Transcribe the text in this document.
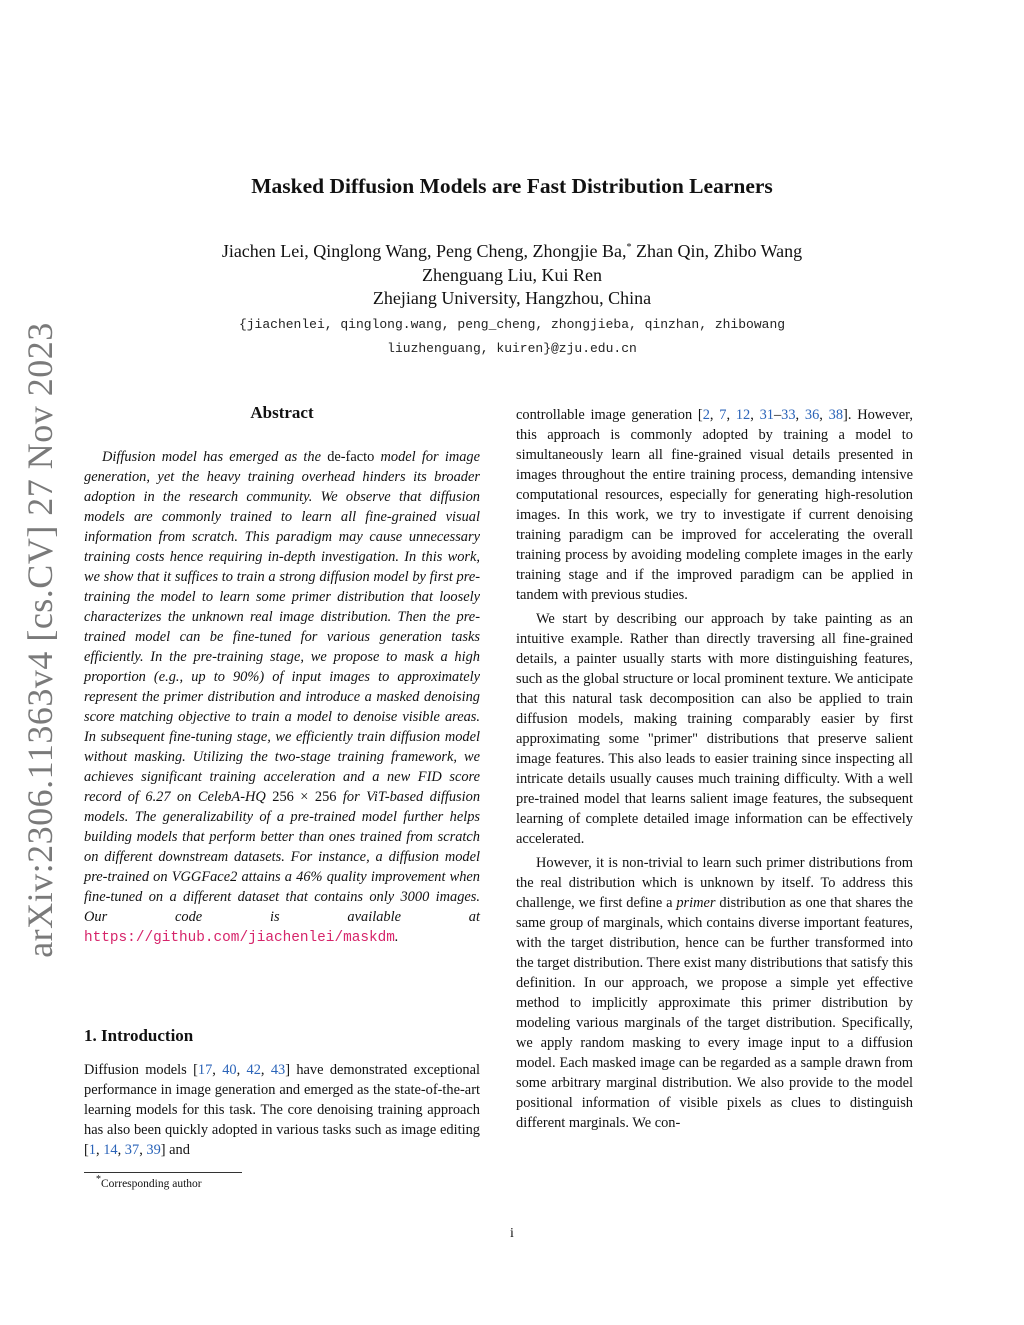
arXiv:2306.11363v4 [cs.CV] 27 Nov 2023
Masked Diffusion Models are Fast Distribution Learners
Jiachen Lei, Qinglong Wang, Peng Cheng, Zhongjie Ba,* Zhan Qin, Zhibo Wang
Zhenguang Liu, Kui Ren
Zhejiang University, Hangzhou, China
{jiachenlei, qinglong.wang, peng_cheng, zhongjieba, qinzhan, zhibowang
liuzhenguang, kuiren}@zju.edu.cn
Abstract
Diffusion model has emerged as the de-facto model for image generation, yet the heavy training overhead hinders its broader adoption in the research community. We observe that diffusion models are commonly trained to learn all fine-grained visual information from scratch. This paradigm may cause unnecessary training costs hence requiring in-depth investigation. In this work, we show that it suffices to train a strong diffusion model by first pre-training the model to learn some primer distribution that loosely characterizes the unknown real image distribution. Then the pre-trained model can be fine-tuned for various generation tasks efficiently. In the pre-training stage, we propose to mask a high proportion (e.g., up to 90%) of input images to approximately represent the primer distribution and introduce a masked denoising score matching objective to train a model to denoise visible areas. In subsequent fine-tuning stage, we efficiently train diffusion model without masking. Utilizing the two-stage training framework, we achieves significant training acceleration and a new FID score record of 6.27 on CelebA-HQ 256 × 256 for ViT-based diffusion models. The generalizability of a pre-trained model further helps building models that perform better than ones trained from scratch on different downstream datasets. For instance, a diffusion model pre-trained on VGGFace2 attains a 46% quality improvement when fine-tuned on a different dataset that contains only 3000 images. Our code is available at https://github.com/jiachenlei/maskdm.
1. Introduction
Diffusion models [17, 40, 42, 43] have demonstrated exceptional performance in image generation and emerged as the state-of-the-art learning models for this task. The core denoising training approach has also been quickly adopted in various tasks such as image editing [1, 14, 37, 39] and

controllable image generation [2, 7, 12, 31–33, 36, 38]. However, this approach is commonly adopted by training a model to simultaneously learn all fine-grained visual details presented in images throughout the entire training process, demanding intensive computational resources, especially for generating high-resolution images. In this work, we try to investigate if current denoising training paradigm can be improved for accelerating the overall training process by avoiding modeling complete images in the early training stage and if the improved paradigm can be applied in tandem with previous studies.

We start by describing our approach by take painting as an intuitive example. Rather than directly traversing all fine-grained details, a painter usually starts with more distinguishing features, such as the global structure or local prominent texture. We anticipate that this natural task decomposition can also be applied to train diffusion models, making training comparably easier by first approximating some "primer" distributions that preserve salient image features. This also leads to easier training since inspecting all intricate details usually causes much training difficulty. With a well pre-trained model that learns salient image features, the subsequent learning of complete detailed image information can be effectively accelerated.

However, it is non-trivial to learn such primer distributions from the real distribution which is unknown by itself. To address this challenge, we first define a primer distribution as one that shares the same group of marginals, which contains diverse important features, with the target distribution, hence can be further transformed into the target distribution. There exist many distributions that satisfy this definition. In our approach, we propose a simple yet effective method to implicitly approximate this primer distribution by modeling various marginals of the target distribution. Specifically, we apply random masking to every image input to a diffusion model. Each masked image can be regarded as a sample drawn from some arbitrary marginal distribution. We also provide to the model positional information of visible pixels as clues to distinguish different marginals. We con-

*Corresponding author
i
